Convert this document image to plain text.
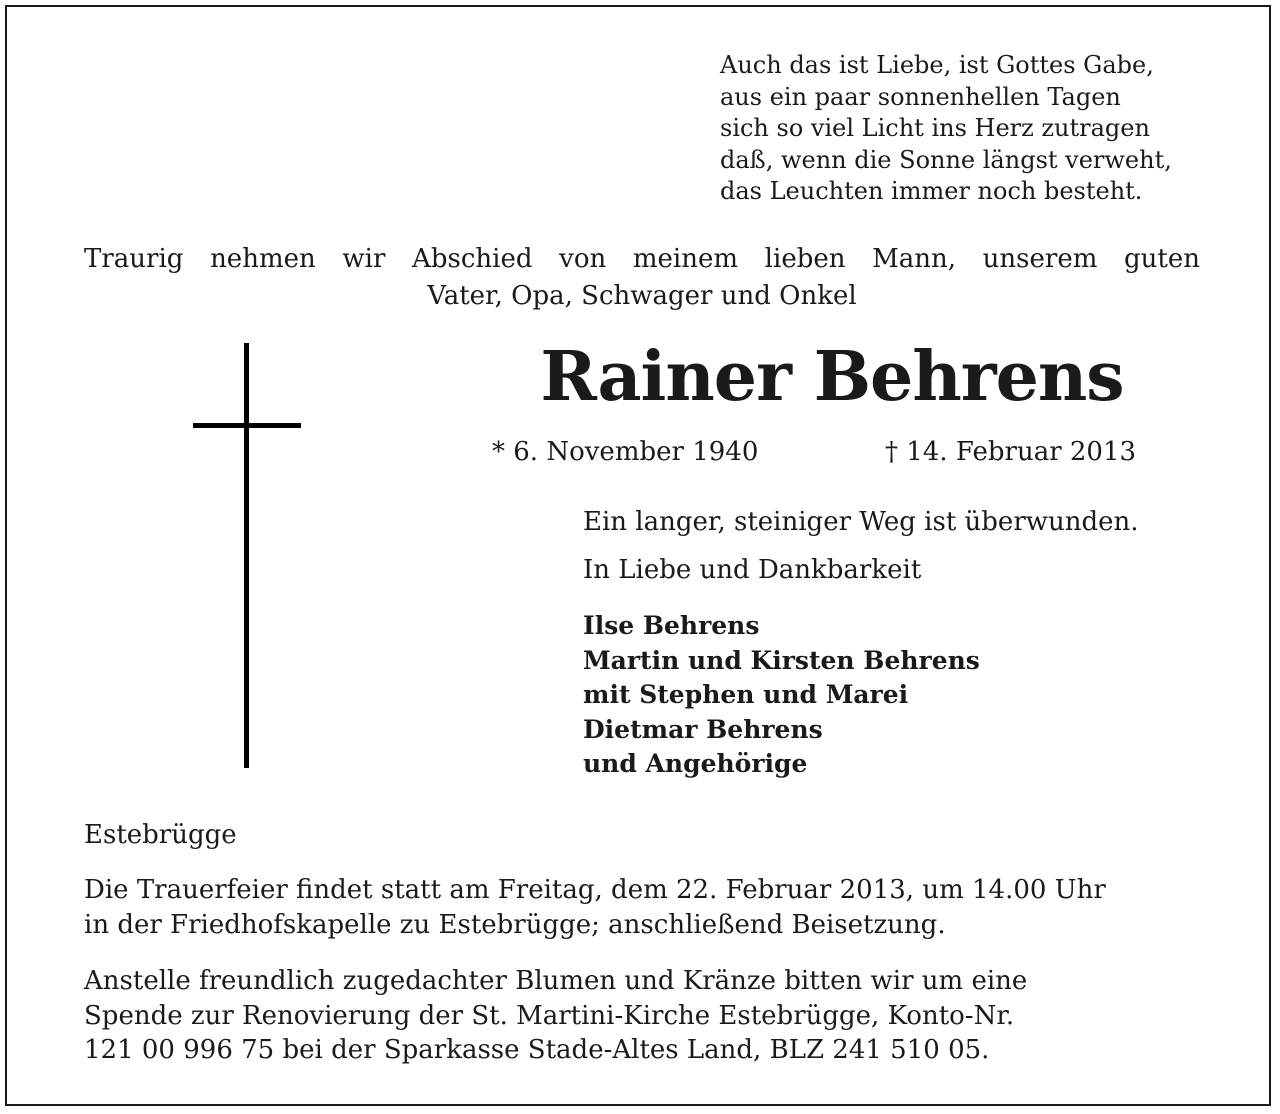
Auch das ist Liebe, ist Gottes Gabe,
aus ein paar sonnenhellen Tagen
sich so viel Licht ins Herz zutragen
daß, wenn die Sonne längst verweht,
das Leuchten immer noch besteht.
Traurig nehmen wir Abschied von meinem lieben Mann, unserem guten
Vater, Opa, Schwager und Onkel
Rainer Behrens
* 6. November 1940	† 14. Februar 2013
Ein langer, steiniger Weg ist überwunden.
In Liebe und Dankbarkeit
Ilse Behrens
Martin und Kirsten Behrens
mit Stephen und Marei
Dietmar Behrens
und Angehörige
Estebrügge
Die Trauerfeier findet statt am Freitag, dem 22. Februar 2013, um 14.00 Uhr
in der Friedhofskapelle zu Estebrügge; anschließend Beisetzung.
Anstelle freundlich zugedachter Blumen und Kränze bitten wir um eine
Spende zur Renovierung der St. Martini-Kirche Estebrügge, Konto-Nr.
121 00 996 75 bei der Sparkasse Stade-Altes Land, BLZ 241 510 05.
